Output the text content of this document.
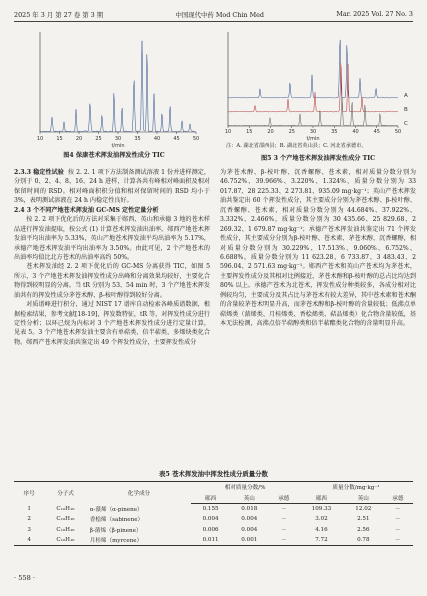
2025 年 3 月 第 27 卷 第 3 期	中国现代中药 Mod Chin Med	Mar. 2025 Vol. 27 No. 3
10	15	20	25	30	35	40	45	50
t/min
图4 保康苍术挥发油挥发性成分 TIC
A
B
C
10	15	20	25	30	35	40	45	50
t/min
注：A. 湖北省邵西县；B. 湖北省英山县；C. 河北省承德市。
图5 3 个产地苍术挥发油挥发性成分 TIC

2.3.3 稳定性试验 按 2. 2. 1 项下方法制备测试溶液 1 份并进样测定，分别于 0、2、4、8、16、24 h 进样，计算各共有峰相对峰面积及相对保留时间的 RSD。相对峰面积积分值和相对保留时间的 RSD 均小于 3%，表明测试溶液在 24 h 内稳定性良好。

2.4 3 个不同产地苍术挥发油 GC-MS 定性定量分析

按 2. 2 项下优化后的方法对采集于郧西、英山和承德 3 地的苍术样品进行挥发油提取，按公式 (1) 计算苍术挥发油出油率。郧西产地苍术挥发油平均出油率为 5.33%，英山产地苍术挥发油平均出油率为 5.17%，承德产地苍术挥发油平均出油率为 3.50%。由此可见，2 个产地苍术的出油率均值比北方苍术的出油率高约 50%。

苍术挥发油经 2. 2 项下优化后的 GC-MS 分离获得 TIC，如图 5 所示，3 个产地苍术挥发油挥发性成分出峰和分离效果均较好，主要化合物得到较明显的分离。当 tR 分别为 53、54 min 时，3 个产地苍术挥发油共有的挥发性成分茅苍术醇、β-桉叶醇得到较好分离。

对质谱峰进行积分，通过 NIST 17 谱库自动检索各峰质谱数据，根据检索结果，参考文献[18-19]，挥发数特征，tR 等，对挥发性成分进行定性分析；以环己烷为内标对 3 个产地苍术挥发性成分进行定量计算，见表 5。3 个产地苍术挥发油主要含有单萜类、倍半萜类、多烯炔类化合物。郧西产苍术挥发油共鉴定出 49 个挥发性成分，主要挥发性成分

为茅苍术醇、β-桉叶醇、沉香螺醇、苍术素，相对质量分数分别为 46.752%、39.966%、3.220%、1.324%，质量分数分别为 33 017.87、28 225.33、2 273.81、935.09 mg·kg⁻¹；英山产苍术挥发油共鉴定出 60 个挥发性成分，其主要成分分别为茅苍术醇、β-桉叶醇、沉香螺醇、苍术素，相对质量分数分别为 44.684%、37.922%、3.332%、2.466%，质量分数分别为 30 435.66、25 829.68、2 269.32、1 679.87 mg·kg⁻¹；承德产苍术挥发油共鉴定出 71 个挥发性成分，其主要成分分别为β-桉叶醇、苍术素、茅苍术醇、沉香螺醇，相对质量分数分别为 30.229%、17.513%、9.060%、6.752%、6.688%，质量分数分别为 11 623.28、6 733.87、3 483.43、2 596.04、2 571.63 mg·kg⁻¹。郧西产苍术和英山产苍术均为茅苍术，主要挥发性成分及其相对比例接近，茅苍术醇和β-桉叶醇的总占比均达到 80% 以上。承德产苍术为北苍术，挥发性成分种类较多，各成分相对比例较均匀，主要成分及其占比与茅苍术有较大差异，其中苍术素和苍术酮的含量较茅苍术明显升高，而茅苍术醇和β-桉叶醇的含量较低；低沸点单萜烯类（蒎烯类、月桂烯类、香桧烯类、萜品烯类）化合物含量较低，基本无法检测，高沸点倍半萜醇类和倍半萜酯类化合物的含量明显升高。

表5 苍术挥发油中挥发性成分质量分数
序号	分子式	化学成分	相对质量分数/%			质量分数/mg·kg⁻¹		
			郧西	英山	承德	郧西	英山	承德
1	C₁₀H₁₆	α-蒎烯（α-pinene）	0.155	0.018	－	109.33	12.02	－
2	C₁₀H₁₆	香桧烯（sabinene）	0.004	0.004	－	3.02	2.51	－
3	C₁₀H₁₆	β-蒎烯（β-pinene）	0.006	0.004	－	4.16	2.56	－
4	C₁₀H₁₆	月桂烯（myrcene）	0.011	0.001	－	7.72	0.78	－
· 558 ·
